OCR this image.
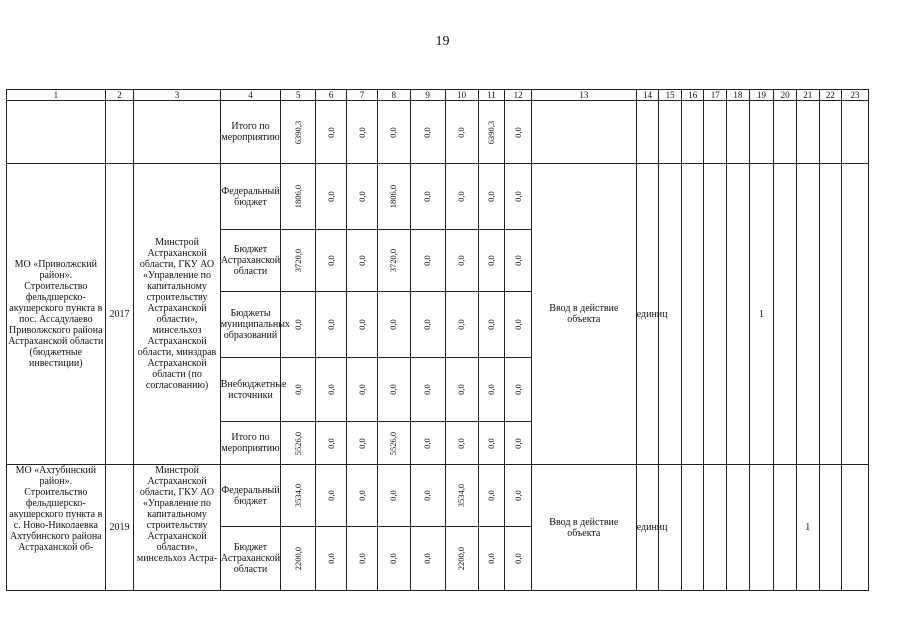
19
1	2	3	4	5	6	7	8	9	10	11	12	13	14	15	16	17	18	19	20	21	22	23
			Итого по мероприятию	6390,3	0,0	0,0	0,0	0,0	0,0	6390,3	0,0											
МО «Приволжский район». Строительство фельдшерско-акушерского пункта в пос. Ассадулаево Приволжского района Астраханской области (бюджетные инвестиции)	2017	Минстрой Астраханской области, ГКУ АО «Управление по капитальному строительству Астраханской области», минсельхоз Астраханской области, минздрав Астраханской области (по согласованию)	Федеральный бюджет	1806,0	0,0	0,0	1806,0	0,0	0,0	0,0	0,0	Ввод в действие объекта	единиц					1				
			Бюджет Астраханской области	3720,0	0,0	0,0	3720,0	0,0	0,0	0,0	0,0											
			Бюджеты муниципальных образований	0,0	0,0	0,0	0,0	0,0	0,0	0,0	0,0											
			Внебюджетные источники	0,0	0,0	0,0	0,0	0,0	0,0	0,0	0,0											
			Итого по мероприятию	5526,0	0,0	0,0	5526,0	0,0	0,0	0,0	0,0											
МО «Ахтубинский район». Строительство фельдшерско-акушерского пункта в с. Ново-Николаевка Ахтубинского района Астраханской об-	2019	Минстрой Астраханской области, ГКУ АО «Управление по капитальному строительству Астраханской области», минсельхоз Астра-	Федеральный бюджет	3534,0	0,0	0,0	0,0	0,0	3534,0	0,0	0,0	Ввод в действие объекта	единиц							1		
			Бюджет Астраханской области	2200,0	0,0	0,0	0,0	0,0	2200,0	0,0	0,0											
